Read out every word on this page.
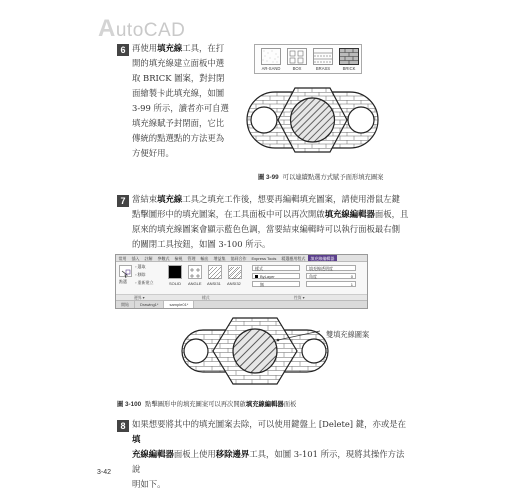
AutoCAD
6 再使用填充線工具，在打
開的填充線建立面板中選
取 BRICK 圖案，對封閉
面繪製卡此填充線，如圖
3-99 所示，讀者亦可自選
填充線賦予封閉面，它比
傳統的點選點的方法更為
方便好用。
AR-SAND	BOX	BRASS	BRICK
圖 3-99 可以連續點選方式賦予面形填充圖案
7 當結束填充線工具之填充工作後，想要再編輯填充圖案，請使用滑鼠左鍵
點擊圖形中的填充圖案，在工具面板中可以再次開啟填充線編輯器面板，且
原來的填充線圖案會顯示藍色色調，當要結束編輯時可以執行面板最右側
的關閉工具按鈕，如圖 3-100 所示。
常用	插入	註解	參數式	檢視	管理	輸出	增益集	協同合作	Express Tools	精選應用程式	填充線編輯器
點選
▫ 選取
▫ 移除
▫ 重新建立	SOLID ANGLE ANSI31 ANSI32
樣式
ByLayer
無
填充線透明度
角度	0
1
邊界 ▾	樣式	性質 ▾
開始	Drawing1*	sample01*
雙填充線圖案
圖 3-100 點擊圖形中的填充圖案可以再次開啟填充線編輯器面板
8 如果想要將其中的填充圖案去除，可以使用鍵盤上 [Delete] 鍵，亦或是在填
充線編輯器面板上使用移除邊界工具，如圖 3-101 所示，現將其操作方法說
明如下。
3-42
